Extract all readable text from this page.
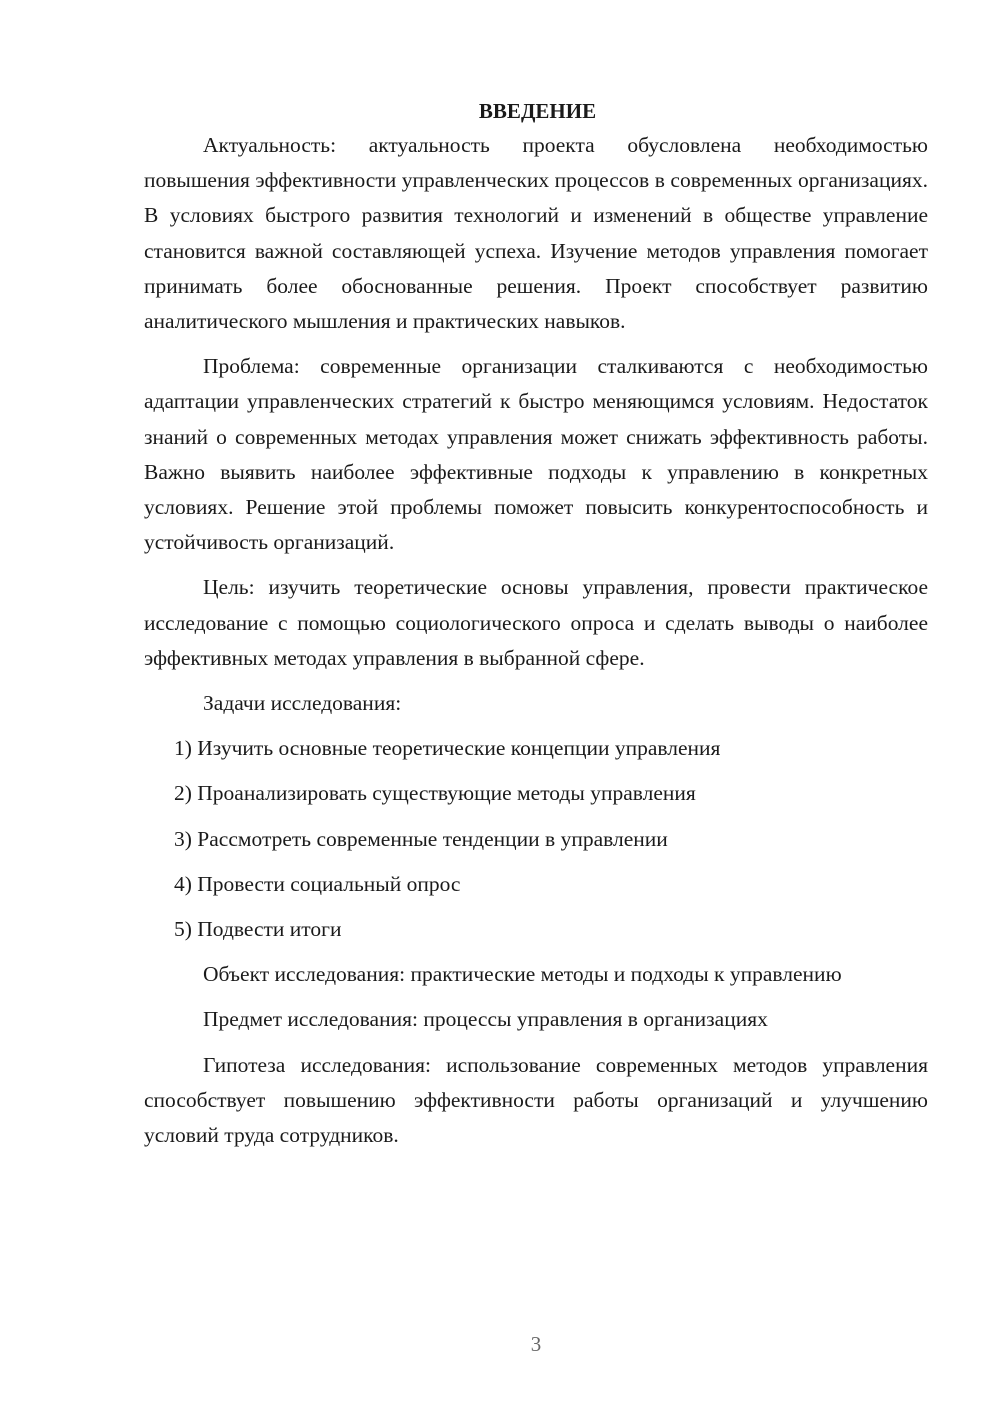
ВВЕДЕНИЕ

Актуальность: актуальность проекта обусловлена необходимостью повышения эффективности управленческих процессов в современных организациях. В условиях быстрого развития технологий и изменений в обществе управление становится важной составляющей успеха. Изучение методов управления помогает принимать более обоснованные решения. Проект способствует развитию аналитического мышления и практических навыков.

Проблема: современные организации сталкиваются с необходимостью адаптации управленческих стратегий к быстро меняющимся условиям. Недостаток знаний о современных методах управления может снижать эффективность работы. Важно выявить наиболее эффективные подходы к управлению в конкретных условиях. Решение этой проблемы поможет повысить конкурентоспособность и устойчивость организаций.

Цель: изучить теоретические основы управления, провести практическое исследование с помощью социологического опроса и сделать выводы о наиболее эффективных методах управления в выбранной сфере.

Задачи исследования:

1) Изучить основные теоретические концепции управления
2) Проанализировать существующие методы управления
3) Рассмотреть современные тенденции в управлении
4) Провести социальный опрос
5) Подвести итоги

Объект исследования: практические методы и подходы к управлению

Предмет исследования: процессы управления в организациях

Гипотеза исследования: использование современных методов управления способствует повышению эффективности работы организаций и улучшению условий труда сотрудников.

3
